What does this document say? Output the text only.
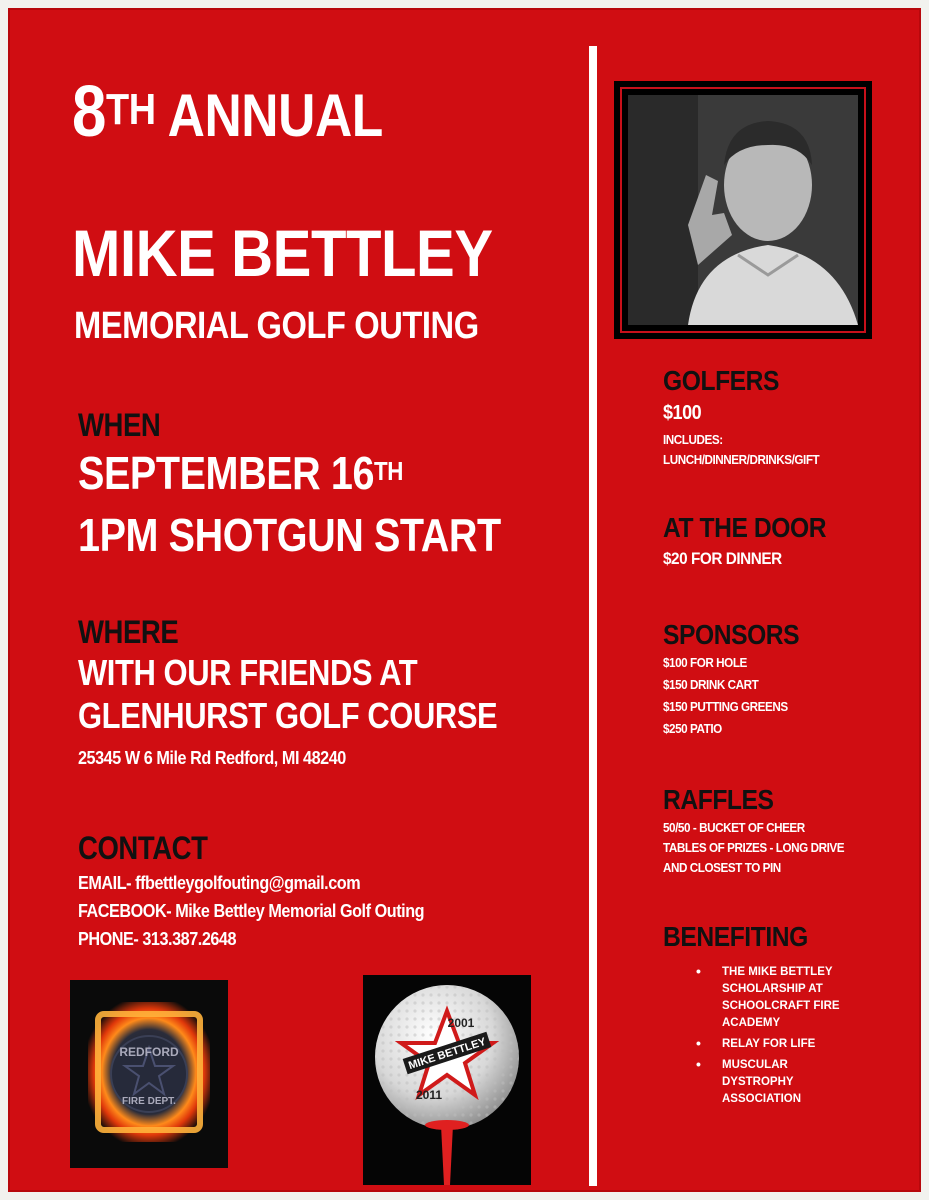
8TH ANNUAL
MIKE BETTLEY
MEMORIAL GOLF OUTING
WHEN
SEPTEMBER 16TH
1PM SHOTGUN START
WHERE
WITH OUR FRIENDS AT
GLENHURST GOLF COURSE
25345 W 6 Mile Rd Redford, MI 48240
CONTACT
EMAIL- ffbettleygolfouting@gmail.com
FACEBOOK- Mike Bettley Memorial Golf Outing
PHONE- 313.387.2648
REDFORD
FIRE DEPT.
MIKE BETTLEY
2001
2011
GOLFERS
$100
INCLUDES:
LUNCH/DINNER/DRINKS/GIFT
AT THE DOOR
$20 FOR DINNER
SPONSORS
$100 FOR HOLE
$150 DRINK CART
$150 PUTTING GREENS
$250 PATIO
RAFFLES
50/50 - BUCKET OF CHEER
TABLES OF PRIZES - LONG DRIVE
AND CLOSEST TO PIN
BENEFITING
• THE MIKE BETTLEY
SCHOLARSHIP AT
SCHOOLCRAFT FIRE
ACADEMY
• RELAY FOR LIFE
• MUSCULAR DYSTROPHY
ASSOCIATION
